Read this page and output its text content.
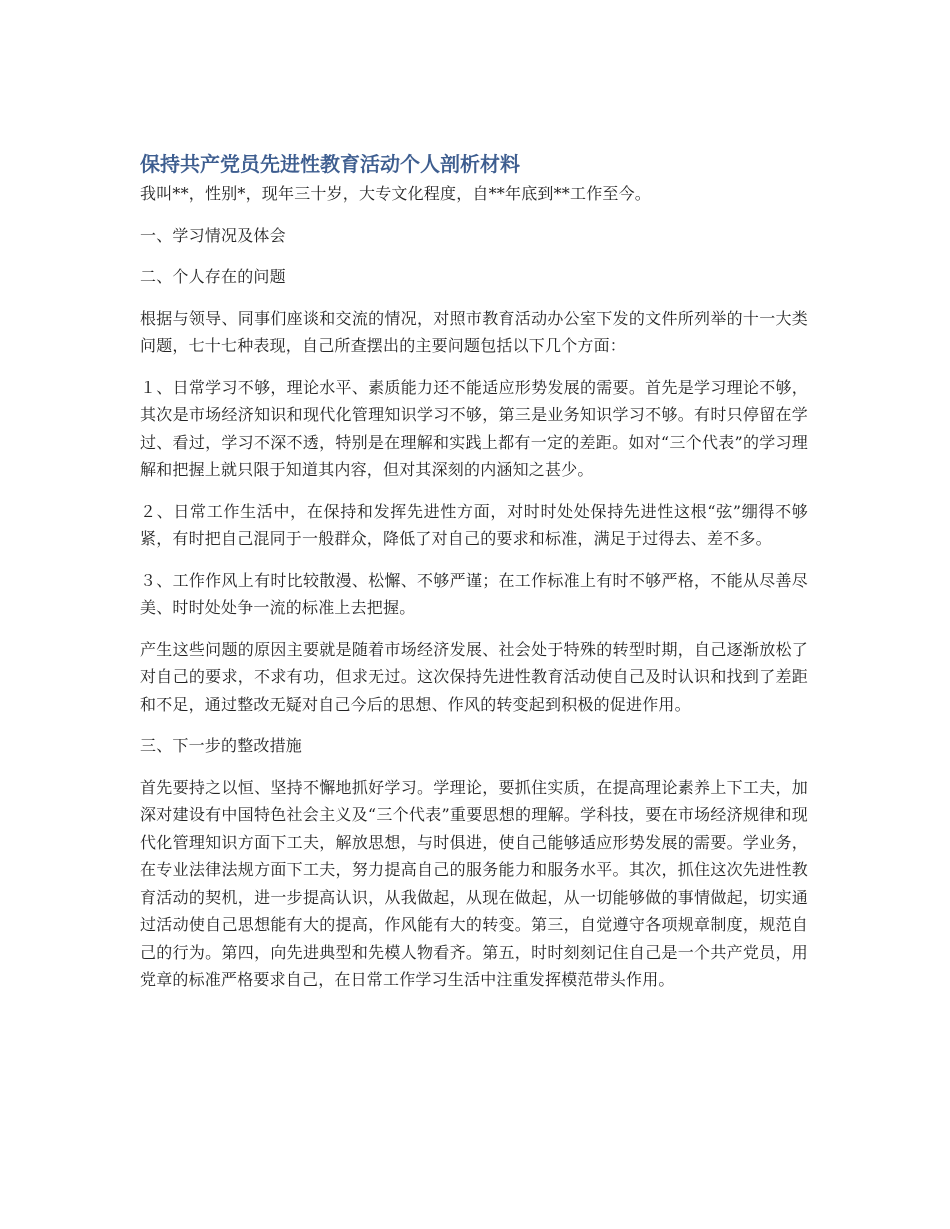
保持共产党员先进性教育活动个人剖析材料

我叫**，性别*，现年三十岁，大专文化程度，自**年底到**工作至今。

一、学习情况及体会

二、个人存在的问题

根据与领导、同事们座谈和交流的情况，对照市教育活动办公室下发的文件所列举的十一大类问题，七十七种表现，自己所查摆出的主要问题包括以下几个方面：

１、日常学习不够，理论水平、素质能力还不能适应形势发展的需要。首先是学习理论不够，其次是市场经济知识和现代化管理知识学习不够，第三是业务知识学习不够。有时只停留在学过、看过，学习不深不透，特别是在理解和实践上都有一定的差距。如对“三个代表”的学习理解和把握上就只限于知道其内容，但对其深刻的内涵知之甚少。

２、日常工作生活中，在保持和发挥先进性方面，对时时处处保持先进性这根“弦”绷得不够紧，有时把自己混同于一般群众，降低了对自己的要求和标准，满足于过得去、差不多。

３、工作作风上有时比较散漫、松懈、不够严谨；在工作标准上有时不够严格，不能从尽善尽美、时时处处争一流的标准上去把握。

产生这些问题的原因主要就是随着市场经济发展、社会处于特殊的转型时期，自己逐渐放松了对自己的要求，不求有功，但求无过。这次保持先进性教育活动使自己及时认识和找到了差距和不足，通过整改无疑对自己今后的思想、作风的转变起到积极的促进作用。

三、下一步的整改措施

首先要持之以恒、坚持不懈地抓好学习。学理论，要抓住实质，在提高理论素养上下工夫，加深对建设有中国特色社会主义及“三个代表”重要思想的理解。学科技，要在市场经济规律和现代化管理知识方面下工夫，解放思想，与时俱进，使自己能够适应形势发展的需要。学业务，在专业法律法规方面下工夫，努力提高自己的服务能力和服务水平。其次，抓住这次先进性教育活动的契机，进一步提高认识，从我做起，从现在做起，从一切能够做的事情做起，切实通过活动使自己思想能有大的提高，作风能有大的转变。第三，自觉遵守各项规章制度，规范自己的行为。第四，向先进典型和先模人物看齐。第五，时时刻刻记住自己是一个共产党员，用党章的标准严格要求自己，在日常工作学习生活中注重发挥模范带头作用。
